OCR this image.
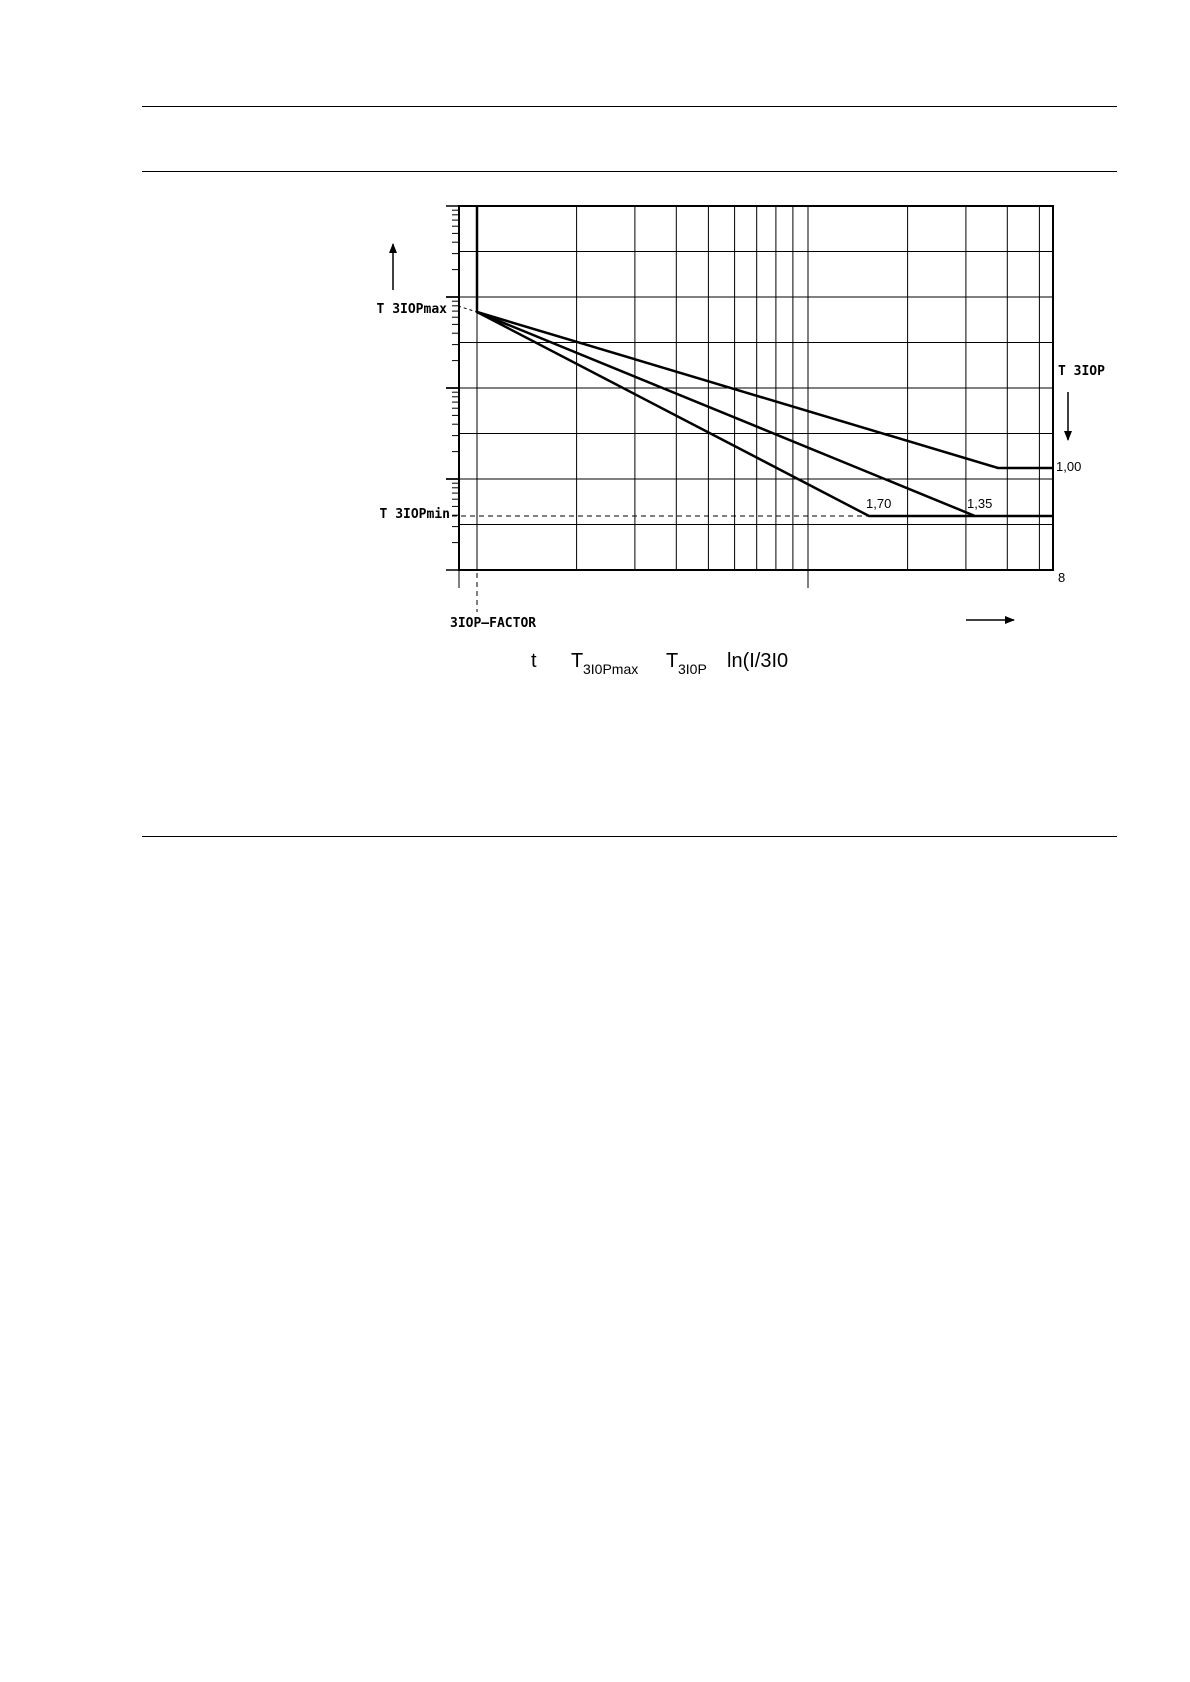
T 3IOPmax
T 3IOPmin
3IOP–FACTOR
T 3IOP
1,00
1,35
1,70
8
t T 3I0Pmax T 3I0P ln(I/3I0
